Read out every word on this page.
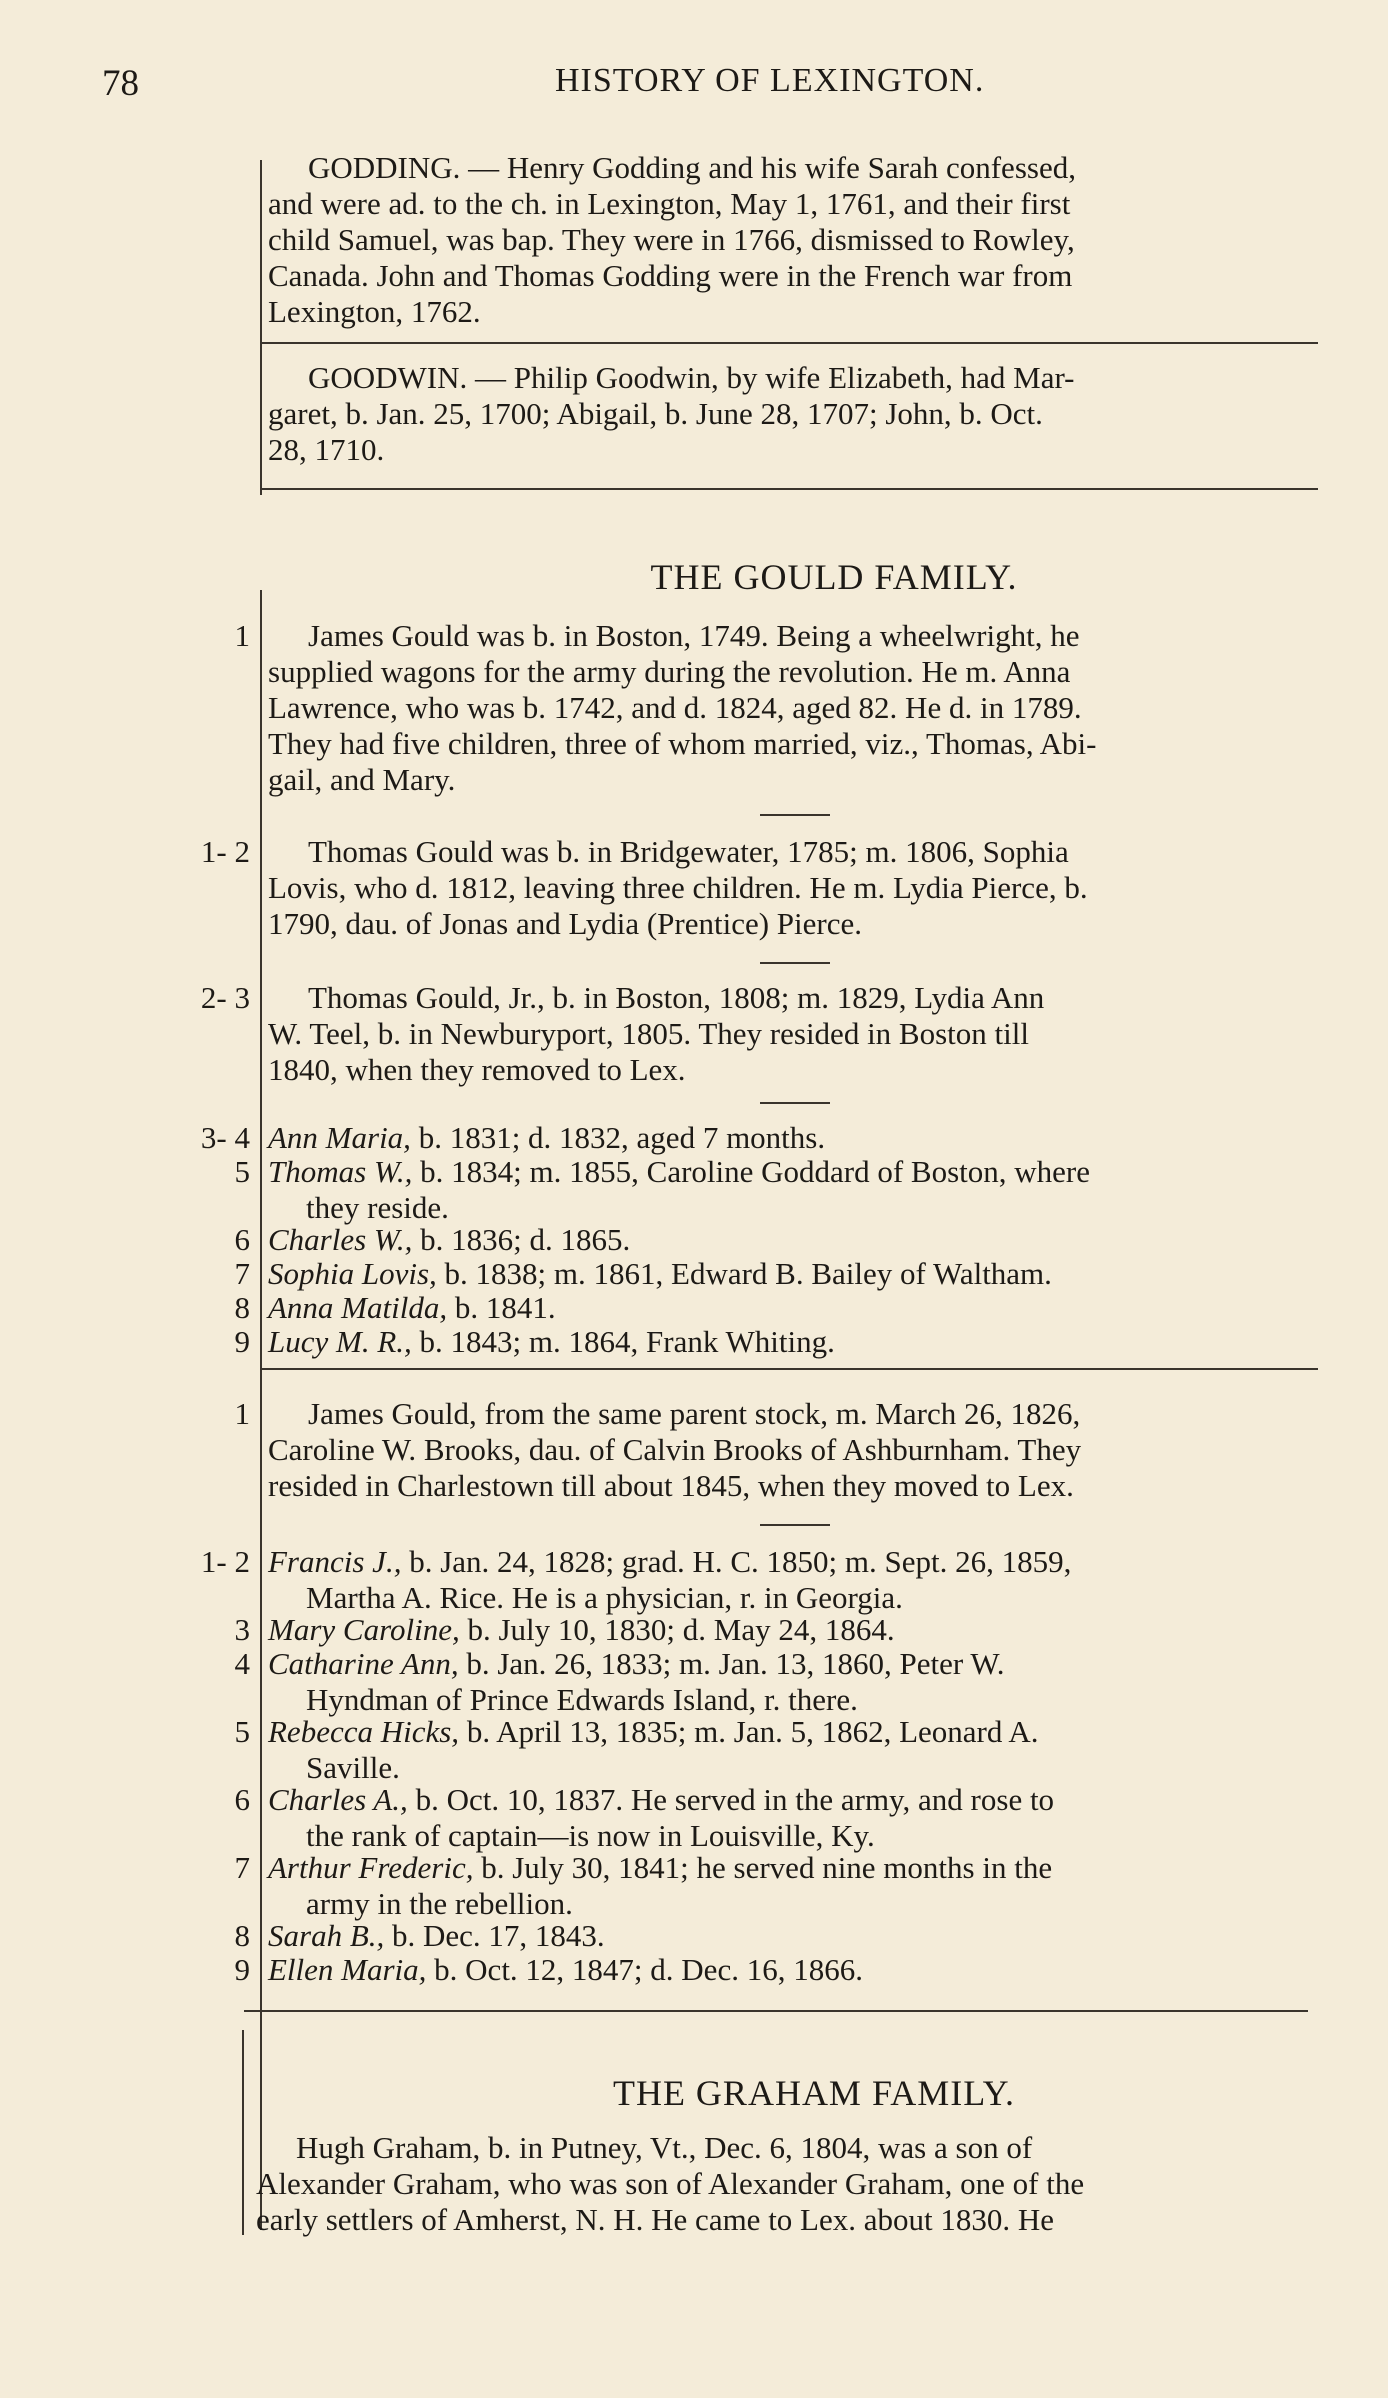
78	HISTORY OF LEXINGTON.
GODDING. — Henry Godding and his wife Sarah confessed,
and were ad. to the ch. in Lexington, May 1, 1761, and their first
child Samuel, was bap. They were in 1766, dismissed to Rowley,
Canada. John and Thomas Godding were in the French war from
Lexington, 1762.
GOODWIN. — Philip Goodwin, by wife Elizabeth, had Mar-
garet, b. Jan. 25, 1700; Abigail, b. June 28, 1707; John, b. Oct.
28, 1710.
THE GOULD FAMILY.
1	James Gould was b. in Boston, 1749. Being a wheelwright, he
supplied wagons for the army during the revolution. He m. Anna
Lawrence, who was b. 1742, and d. 1824, aged 82. He d. in 1789.
They had five children, three of whom married, viz., Thomas, Abi-
gail, and Mary.
1- 2	Thomas Gould was b. in Bridgewater, 1785; m. 1806, Sophia
Lovis, who d. 1812, leaving three children. He m. Lydia Pierce, b.
1790, dau. of Jonas and Lydia (Prentice) Pierce.
2- 3	Thomas Gould, Jr., b. in Boston, 1808; m. 1829, Lydia Ann
W. Teel, b. in Newburyport, 1805. They resided in Boston till
1840, when they removed to Lex.
3- 4 Ann Maria, b. 1831; d. 1832, aged 7 months.
5 Thomas W., b. 1834; m. 1855, Caroline Goddard of Boston, where
they reside.
6 Charles W., b. 1836; d. 1865.
7 Sophia Lovis, b. 1838; m. 1861, Edward B. Bailey of Waltham.
8 Anna Matilda, b. 1841.
9 Lucy M. R., b. 1843; m. 1864, Frank Whiting.
1	James Gould, from the same parent stock, m. March 26, 1826,
Caroline W. Brooks, dau. of Calvin Brooks of Ashburnham. They
resided in Charlestown till about 1845, when they moved to Lex.
1- 2 Francis J., b. Jan. 24, 1828; grad. H. C. 1850; m. Sept. 26, 1859,
Martha A. Rice. He is a physician, r. in Georgia.
3 Mary Caroline, b. July 10, 1830; d. May 24, 1864.
4 Catharine Ann, b. Jan. 26, 1833; m. Jan. 13, 1860, Peter W.
Hyndman of Prince Edwards Island, r. there.
5 Rebecca Hicks, b. April 13, 1835; m. Jan. 5, 1862, Leonard A.
Saville.
6 Charles A., b. Oct. 10, 1837. He served in the army, and rose to
the rank of captain—is now in Louisville, Ky.
7 Arthur Frederic, b. July 30, 1841; he served nine months in the
army in the rebellion.
8 Sarah B., b. Dec. 17, 1843.
9 Ellen Maria, b. Oct. 12, 1847; d. Dec. 16, 1866.
THE GRAHAM FAMILY.
Hugh Graham, b. in Putney, Vt., Dec. 6, 1804, was a son of
Alexander Graham, who was son of Alexander Graham, one of the
early settlers of Amherst, N. H. He came to Lex. about 1830. He
